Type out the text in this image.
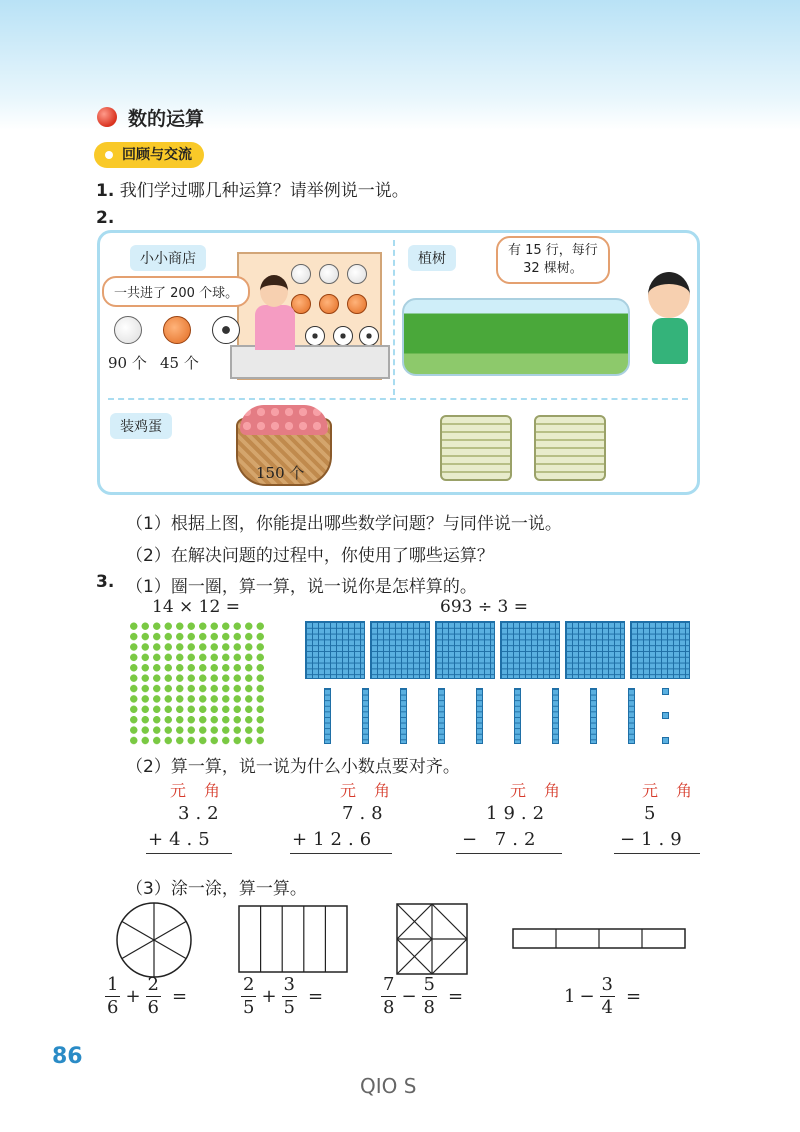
数的运算
回顾与交流
1. 我们学过哪几种运算？请举例说一说。
2.
小小商店
一共进了 200 个球。
90 个 45 个
植树
有 15 行，每行
32 棵树。
装鸡蛋
150 个
（1）根据上图，你能提出哪些数学问题？与同伴说一说。
（2）在解决问题的过程中，你使用了哪些运算？
3. （1）圈一圈，算一算，说一说你是怎样算的。
14 × 12 =	693 ÷ 3 =
（2）算一算，说一说为什么小数点要对齐。
元角
3.2
+4.5
元角
7.8
+12.6
元角
19.2
− 7.2
元角
5
−1.9
（3）涂一涂，算一算。
$\frac{1}{6} + \frac{2}{6}$ =	$\frac{2}{5} + \frac{3}{5}$ =	$\frac{7}{8} - \frac{5}{8}$ =	$1 - \frac{3}{4}$ =
86
QIO S
